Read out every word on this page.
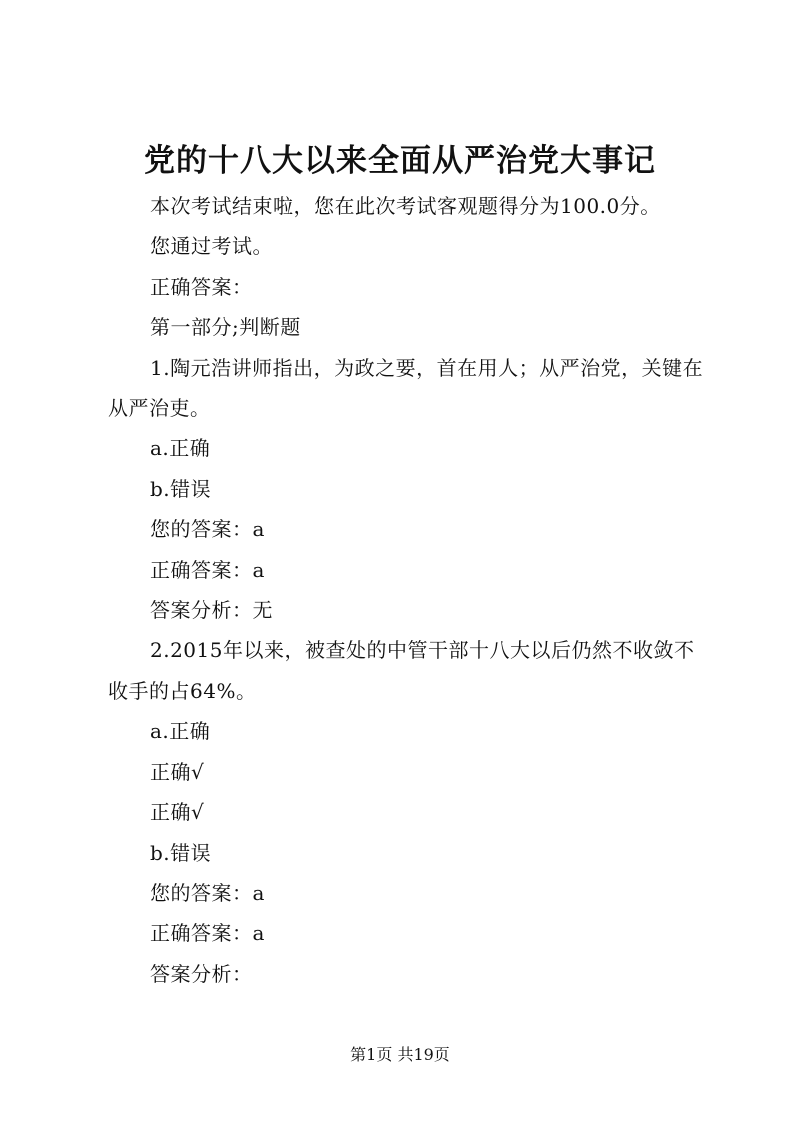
党的十八大以来全面从严治党大事记

本次考试结束啦，您在此次考试客观题得分为100.0分。

您通过考试。

正确答案：

第一部分;判断题

1.陶元浩讲师指出，为政之要，首在用人；从严治党，关键在从严治吏。

a.正确

b.错误

您的答案：a

正确答案：a

答案分析：无

2.2015年以来，被查处的中管干部十八大以后仍然不收敛不收手的占64%。

a.正确

正确√

正确√

b.错误

您的答案：a

正确答案：a

答案分析：

第1页 共19页
